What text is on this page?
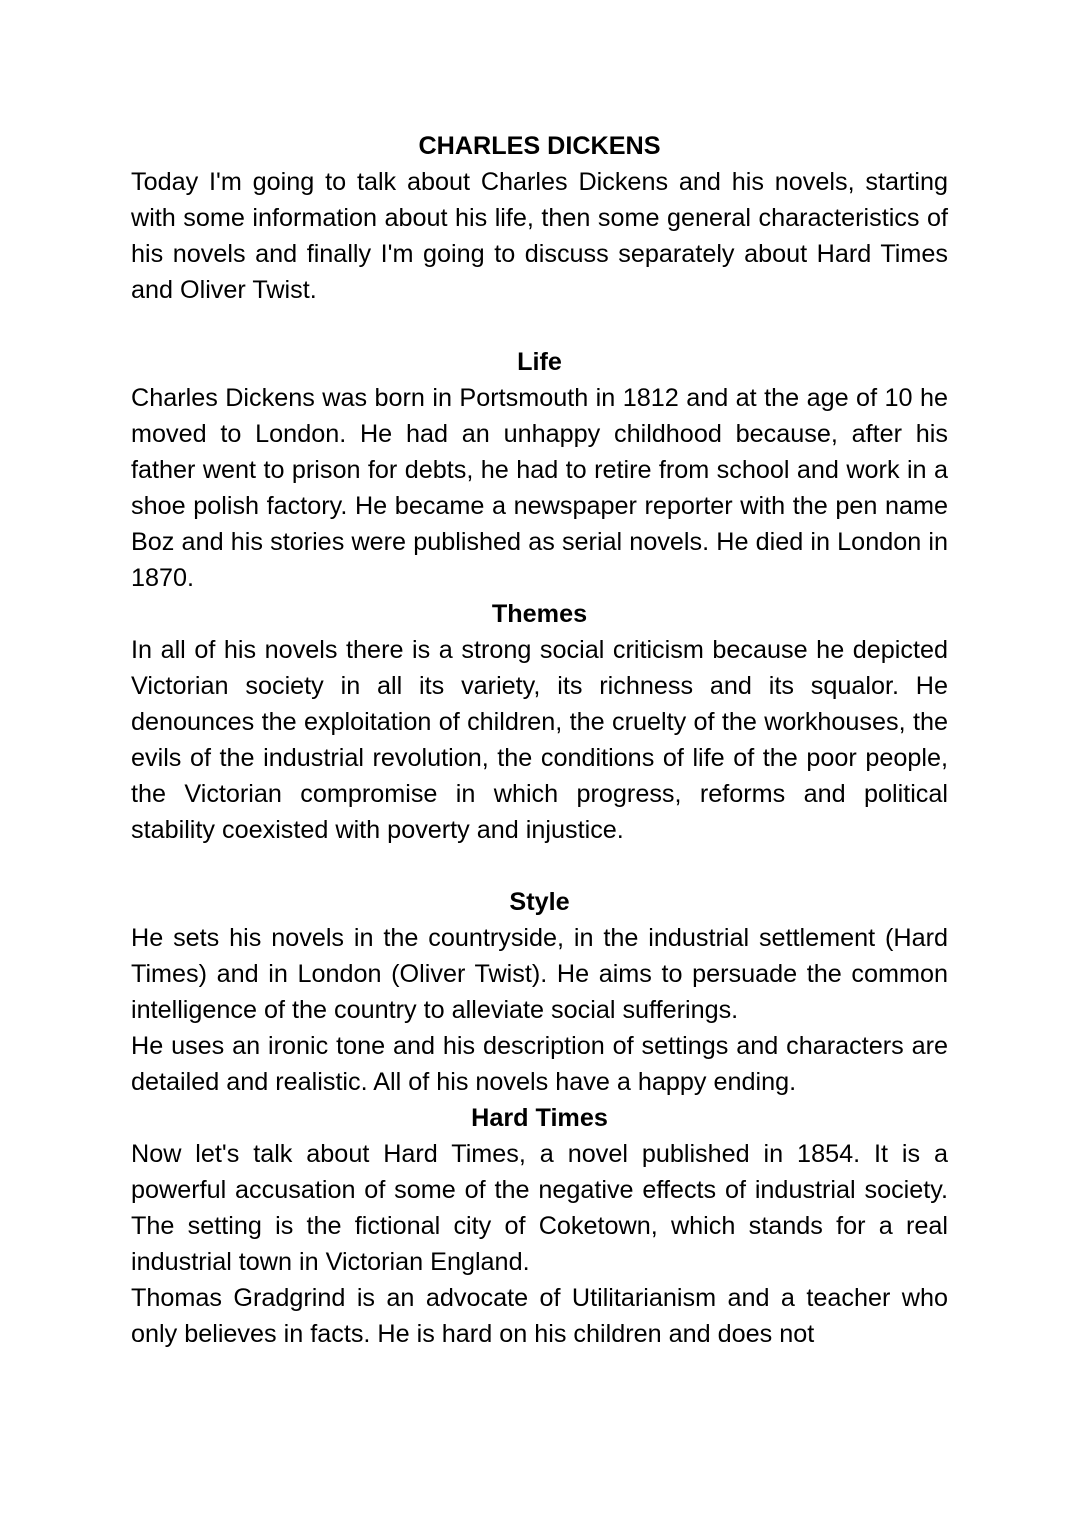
CHARLES DICKENS

Today I'm going to talk about Charles Dickens and his novels, starting with some information about his life, then some general characteristics of his novels and finally I'm going to discuss separately about Hard Times and Oliver Twist.

Life

Charles Dickens was born in Portsmouth in 1812 and at the age of 10 he moved to London. He had an unhappy childhood because, after his father went to prison for debts, he had to retire from school and work in a shoe polish factory. He became a newspaper reporter with the pen name Boz and his stories were published as serial novels. He died in London in 1870.

Themes

In all of his novels there is a strong social criticism because he depicted Victorian society in all its variety, its richness and its squalor. He denounces the exploitation of children, the cruelty of the workhouses, the evils of the industrial revolution, the conditions of life of the poor people, the Victorian compromise in which progress, reforms and political stability coexisted with poverty and injustice.

Style

He sets his novels in the countryside, in the industrial settlement (Hard Times) and in London (Oliver Twist). He aims to persuade the common intelligence of the country to alleviate social sufferings.

He uses an ironic tone and his description of settings and characters are detailed and realistic. All of his novels have a happy ending.

Hard Times

Now let's talk about Hard Times, a novel published in 1854. It is a powerful accusation of some of the negative effects of industrial society. The setting is the fictional city of Coketown, which stands for a real industrial town in Victorian England.

Thomas Gradgrind is an advocate of Utilitarianism and a teacher who only believes in facts. He is hard on his children and does not
